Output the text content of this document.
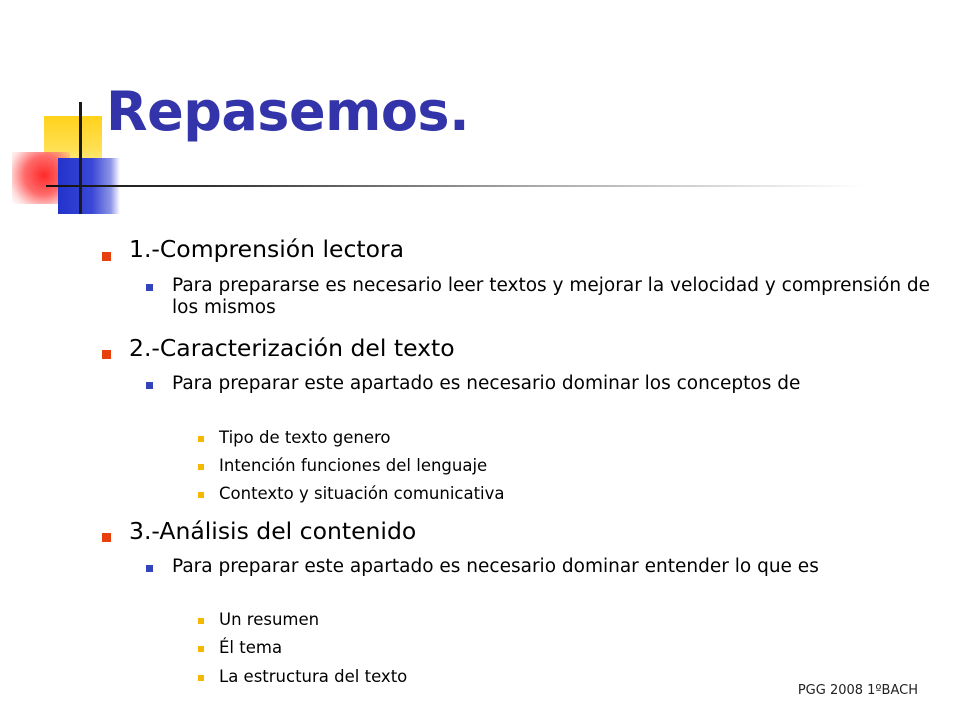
Repasemos.
1.-Comprensión lectora
Para prepararse es necesario leer textos y mejorar la velocidad y comprensión de los mismos
2.-Caracterización del texto
Para preparar este apartado es necesario dominar los conceptos de
Tipo de texto genero
Intención funciones del lenguaje
Contexto y situación comunicativa
3.-Análisis del contenido
Para preparar este apartado es necesario dominar entender lo que es
Un resumen
Él tema
La estructura del texto
PGG 2008 1ºBACH
